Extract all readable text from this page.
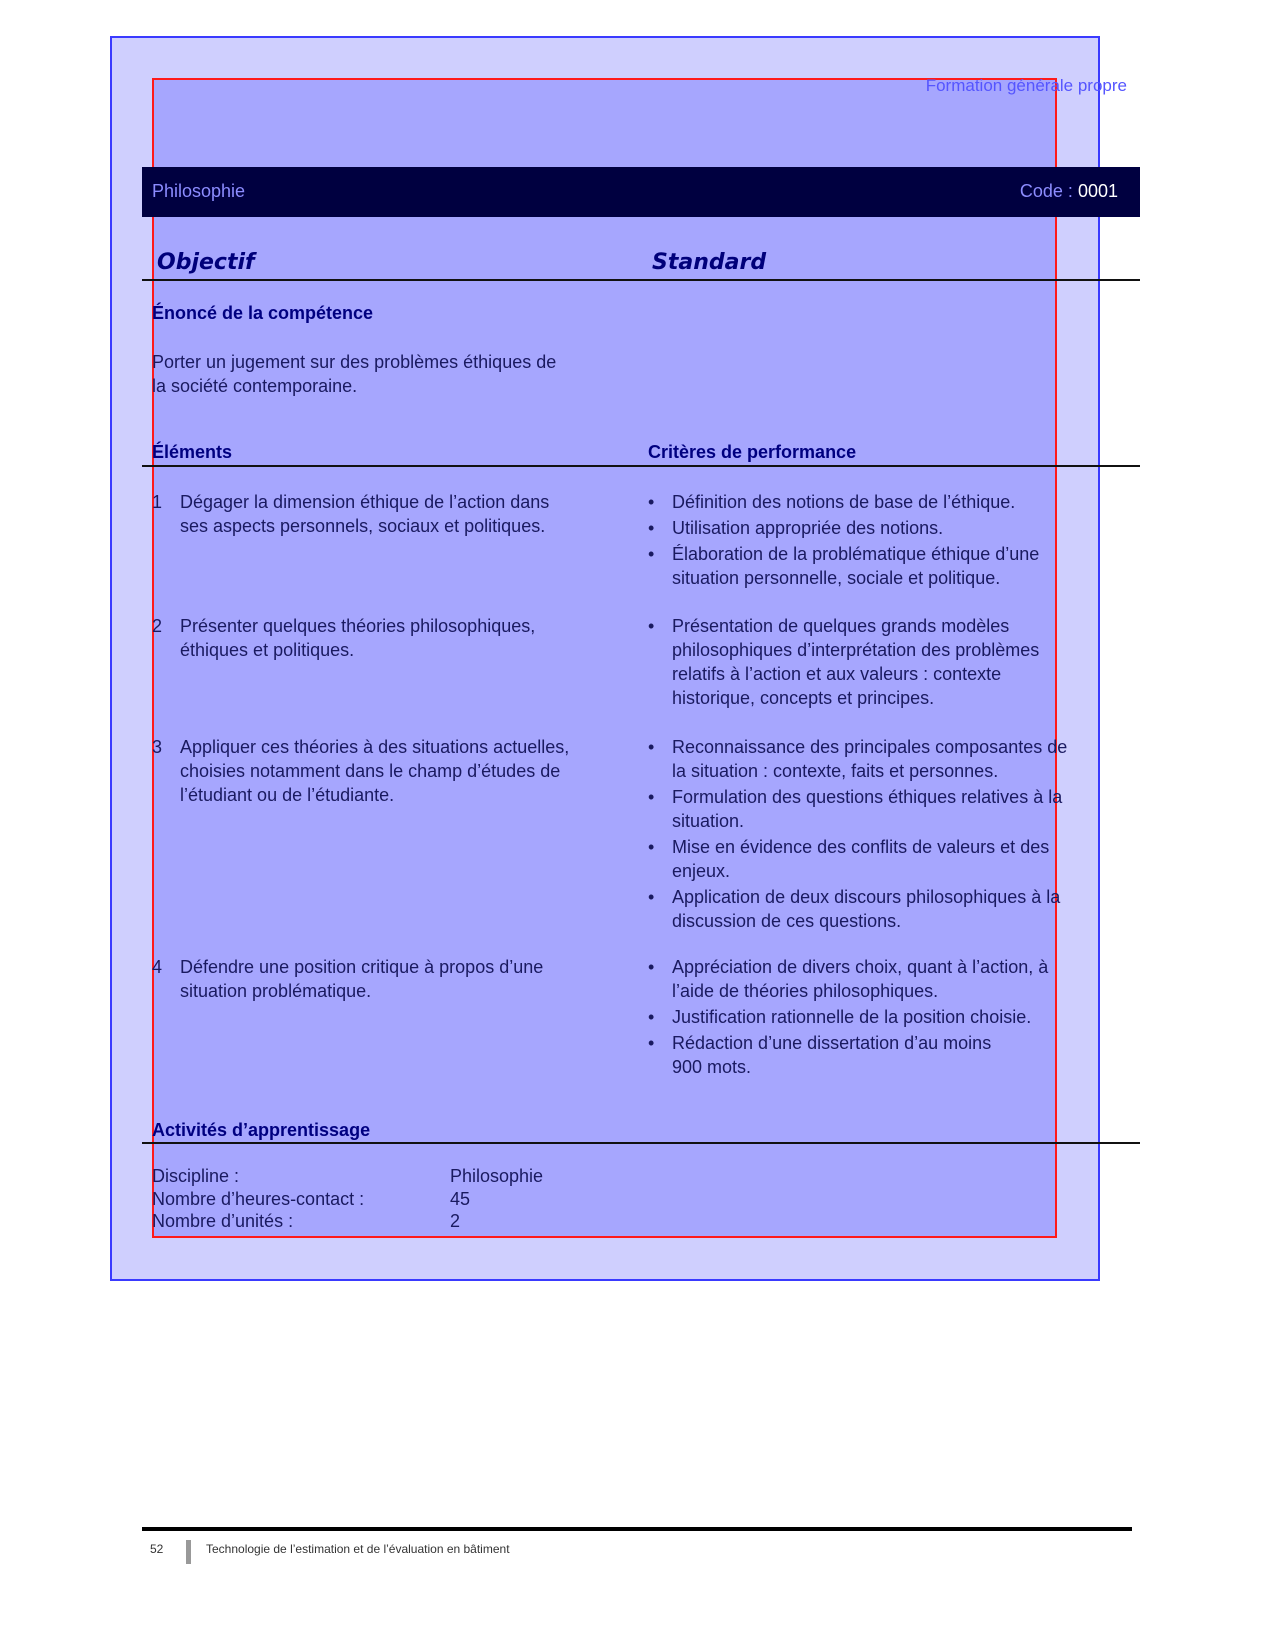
Formation générale propre
Philosophie	Code : 0001
Objectif	Standard
Énoncé de la compétence
Porter un jugement sur des problèmes éthiques de
la société contemporaine.
Éléments	Critères de performance
1 Dégager la dimension éthique de l’action dans
ses aspects personnels, sociaux et politiques.
• Définition des notions de base de l’éthique.
• Utilisation appropriée des notions.
• Élaboration de la problématique éthique d’une
situation personnelle, sociale et politique.
2 Présenter quelques théories philosophiques,
éthiques et politiques.
• Présentation de quelques grands modèles
philosophiques d’interprétation des problèmes
relatifs à l’action et aux valeurs : contexte
historique, concepts et principes.
3 Appliquer ces théories à des situations actuelles,
choisies notamment dans le champ d’études de
l’étudiant ou de l’étudiante.
• Reconnaissance des principales composantes de
la situation : contexte, faits et personnes.
• Formulation des questions éthiques relatives à la
situation.
• Mise en évidence des conflits de valeurs et des
enjeux.
• Application de deux discours philosophiques à la
discussion de ces questions.
4 Défendre une position critique à propos d’une
situation problématique.
• Appréciation de divers choix, quant à l’action, à
l’aide de théories philosophiques.
• Justification rationnelle de la position choisie.
• Rédaction d’une dissertation d’au moins
900 mots.
Activités d’apprentissage
Discipline :	Philosophie
Nombre d’heures-contact :	45
Nombre d’unités :	2
52	Technologie de l’estimation et de l’évaluation en bâtiment
